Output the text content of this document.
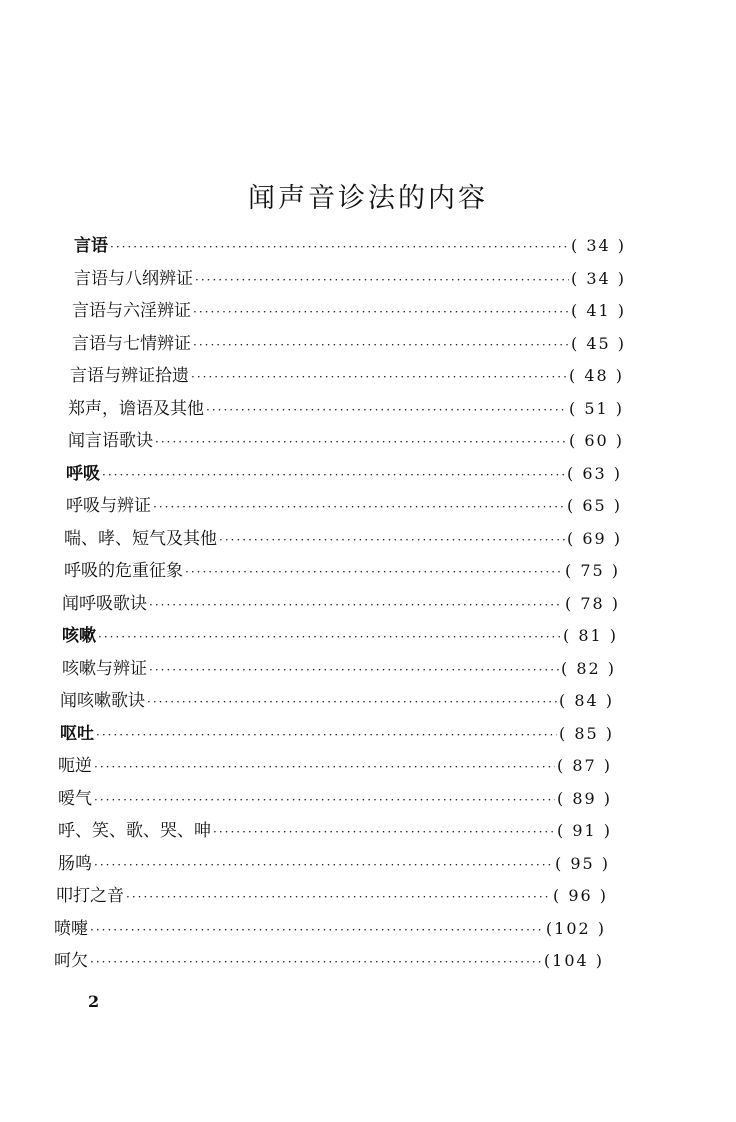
闻声音诊法的内容
言语 ·····	( 34 )
言语与八纲辨证 ·····	( 34 )
言语与六淫辨证 ·····	( 41 )
言语与七情辨证 ·····	( 45 )
言语与辨证拾遗 ·····	( 48 )
郑声，谵语及其他 ·····	( 51 )
闻言语歌诀 ·····	( 60 )
呼吸 ·····	( 63 )
呼吸与辨证 ·····	( 65 )
喘、哮、短气及其他 ·····	( 69 )
呼吸的危重征象 ·····	( 75 )
闻呼吸歌诀 ·····	( 78 )
咳嗽 ·····	( 81 )
咳嗽与辨证 ·····	( 82 )
闻咳嗽歌诀 ·····	( 84 )
呕吐 ·····	( 85 )
呃逆 ·····	( 87 )
嗳气 ·····	( 89 )
呼、笑、歌、哭、呻 ·····	( 91 )
肠鸣 ·····	( 95 )
叩打之音 ·····	( 96 )
喷嚏 ·····	(102 )
呵欠 ·····	(104 )
2
